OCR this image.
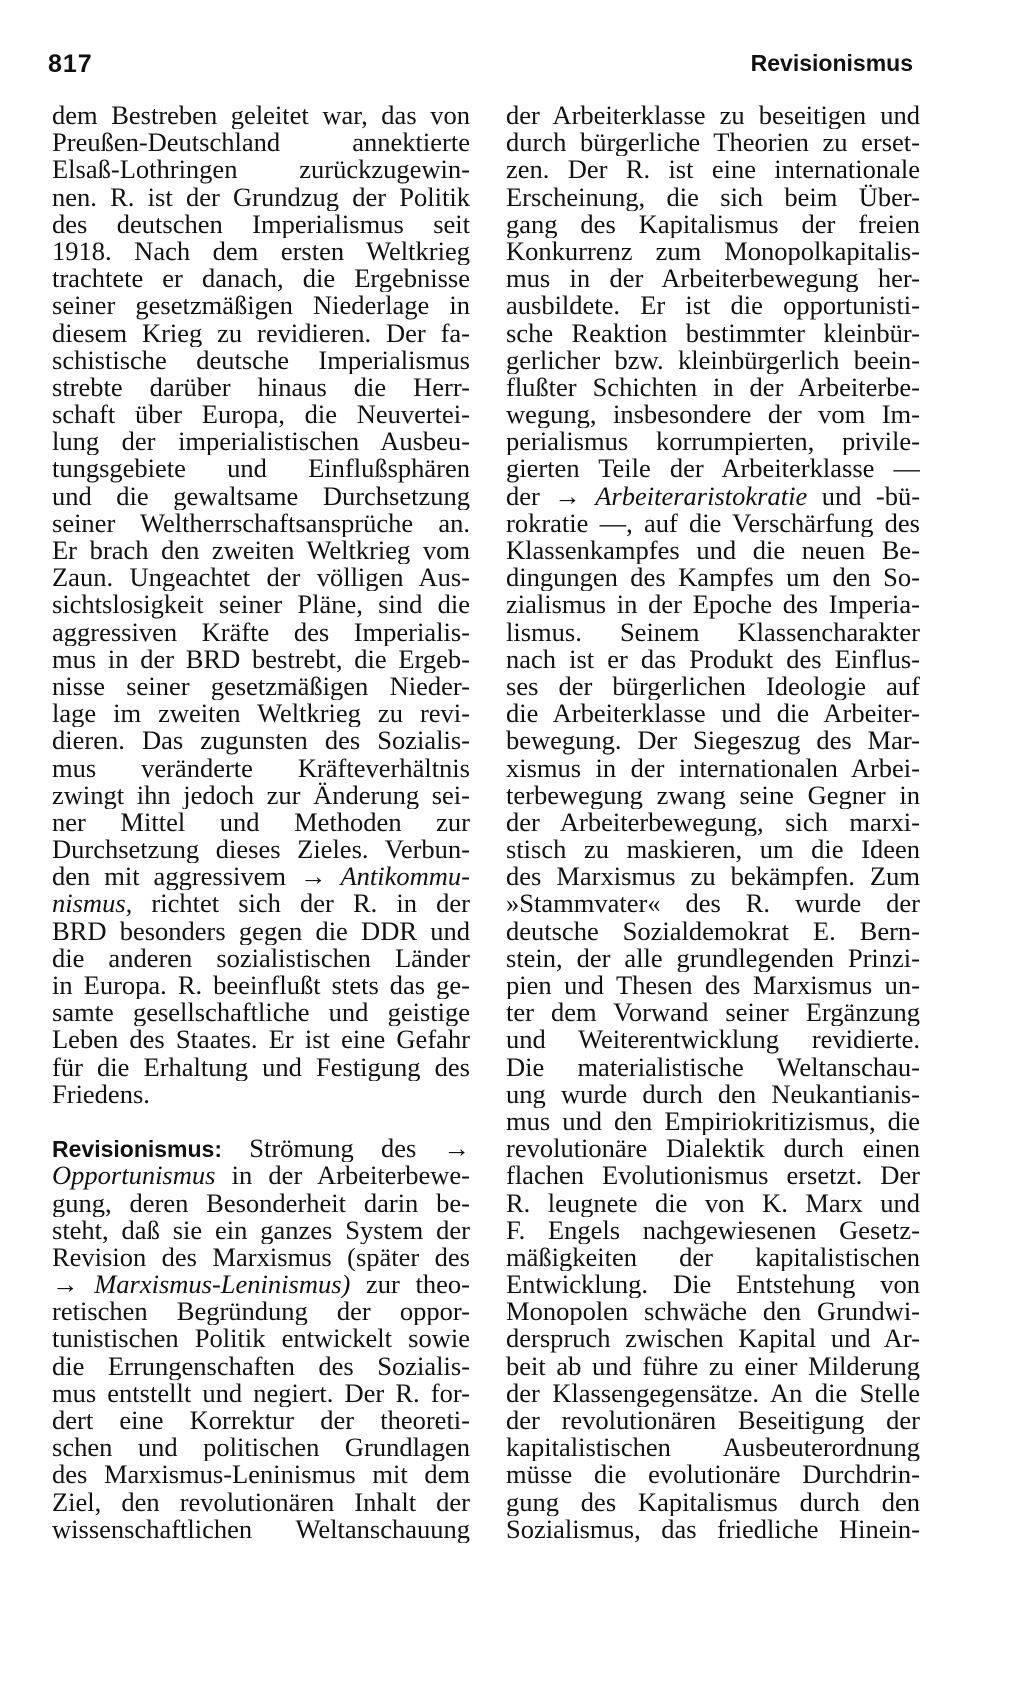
817	Revisionismus
dem Bestreben geleitet war, das von
Preußen-Deutschland annektierte
Elsaß-Lothringen zurückzugewin-
nen. R. ist der Grundzug der Politik
des deutschen Imperialismus seit
1918. Nach dem ersten Weltkrieg
trachtete er danach, die Ergebnisse
seiner gesetzmäßigen Niederlage in
diesem Krieg zu revidieren. Der fa-
schistische deutsche Imperialismus
strebte darüber hinaus die Herr-
schaft über Europa, die Neuvertei-
lung der imperialistischen Ausbeu-
tungsgebiete und Einflußsphären
und die gewaltsame Durchsetzung
seiner Weltherrschaftsansprüche an.
Er brach den zweiten Weltkrieg vom
Zaun. Ungeachtet der völligen Aus-
sichtslosigkeit seiner Pläne, sind die
aggressiven Kräfte des Imperialis-
mus in der BRD bestrebt, die Ergeb-
nisse seiner gesetzmäßigen Nieder-
lage im zweiten Weltkrieg zu revi-
dieren. Das zugunsten des Sozialis-
mus veränderte Kräfteverhältnis
zwingt ihn jedoch zur Änderung sei-
ner Mittel und Methoden zur
Durchsetzung dieses Zieles. Verbun-
den mit aggressivem → Antikommu-
nismus, richtet sich der R. in der
BRD besonders gegen die DDR und
die anderen sozialistischen Länder
in Europa. R. beeinflußt stets das ge-
samte gesellschaftliche und geistige
Leben des Staates. Er ist eine Gefahr
für die Erhaltung und Festigung des
Friedens.
Revisionismus: Strömung des →
Opportunismus in der Arbeiterbewe-
gung, deren Besonderheit darin be-
steht, daß sie ein ganzes System der
Revision des Marxismus (später des
→ Marxismus-Leninismus) zur theo-
retischen Begründung der oppor-
tunistischen Politik entwickelt sowie
die Errungenschaften des Sozialis-
mus entstellt und negiert. Der R. for-
dert eine Korrektur der theoreti-
schen und politischen Grundlagen
des Marxismus-Leninismus mit dem
Ziel, den revolutionären Inhalt der
wissenschaftlichen Weltanschauung
der Arbeiterklasse zu beseitigen und
durch bürgerliche Theorien zu erset-
zen. Der R. ist eine internationale
Erscheinung, die sich beim Über-
gang des Kapitalismus der freien
Konkurrenz zum Monopolkapitalis-
mus in der Arbeiterbewegung her-
ausbildete. Er ist die opportunisti-
sche Reaktion bestimmter kleinbür-
gerlicher bzw. kleinbürgerlich beein-
flußter Schichten in der Arbeiterbe-
wegung, insbesondere der vom Im-
perialismus korrumpierten, privile-
gierten Teile der Arbeiterklasse —
der → Arbeiteraristokratie und -bü-
rokratie —, auf die Verschärfung des
Klassenkampfes und die neuen Be-
dingungen des Kampfes um den So-
zialismus in der Epoche des Imperia-
lismus. Seinem Klassencharakter
nach ist er das Produkt des Einflus-
ses der bürgerlichen Ideologie auf
die Arbeiterklasse und die Arbeiter-
bewegung. Der Siegeszug des Mar-
xismus in der internationalen Arbei-
terbewegung zwang seine Gegner in
der Arbeiterbewegung, sich marxi-
stisch zu maskieren, um die Ideen
des Marxismus zu bekämpfen. Zum
»Stammvater« des R. wurde der
deutsche Sozialdemokrat E. Bern-
stein, der alle grundlegenden Prinzi-
pien und Thesen des Marxismus un-
ter dem Vorwand seiner Ergänzung
und Weiterentwicklung revidierte.
Die materialistische Weltanschau-
ung wurde durch den Neukantianis-
mus und den Empiriokritizismus, die
revolutionäre Dialektik durch einen
flachen Evolutionismus ersetzt. Der
R. leugnete die von K. Marx und
F. Engels nachgewiesenen Gesetz-
mäßigkeiten der kapitalistischen
Entwicklung. Die Entstehung von
Monopolen schwäche den Grundwi-
derspruch zwischen Kapital und Ar-
beit ab und führe zu einer Milderung
der Klassengegensätze. An die Stelle
der revolutionären Beseitigung der
kapitalistischen Ausbeuterordnung
müsse die evolutionäre Durchdrin-
gung des Kapitalismus durch den
Sozialismus, das friedliche Hinein-
